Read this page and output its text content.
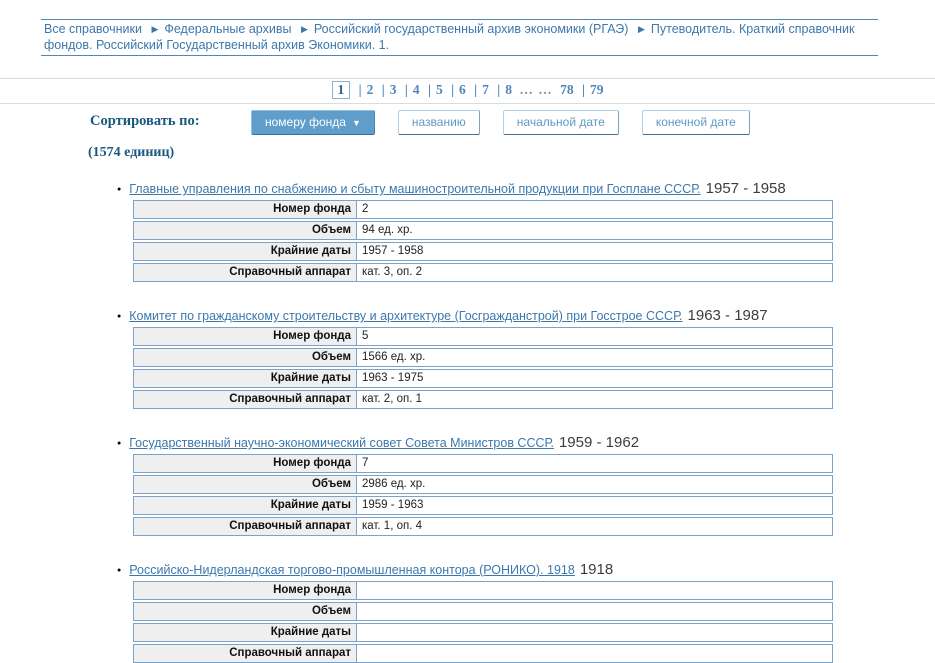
Все справочники ▶ Федеральные архивы ▶ Российский государственный архив экономики (РГАЭ) ▶ Путеводитель. Краткий справочник фондов. Российский Государственный архив Экономики. 1.
1 | 2 | 3 | 4 | 5 | 6 | 7 | 8 … … 78 | 79
Сортировать по:	номеру фонда ▼	названию	начальной дате	конечной дате
(1574 единиц)
● Главные управления по снабжению и сбыту машиностроительной продукции при Госплане СССР. 1957 - 1958
Номер фонда 2
Объем 94 ед. хр.
Крайние даты 1957 - 1958
Справочный аппарат кат. 3, оп. 2
● Комитет по гражданскому строительству и архитектуре (Госгражданстрой) при Госстрое СССР. 1963 - 1987
Номер фонда 5
Объем 1566 ед. хр.
Крайние даты 1963 - 1975
Справочный аппарат кат. 2, оп. 1
● Государственный научно-экономический совет Совета Министров СССР. 1959 - 1962
Номер фонда 7
Объем 2986 ед. хр.
Крайние даты 1959 - 1963
Справочный аппарат кат. 1, оп. 4
● Российско-Нидерландская торгово-промышленная контора (РОНИКО). 1918 1918
Номер фонда
Объем
Крайние даты
Справочный аппарат
